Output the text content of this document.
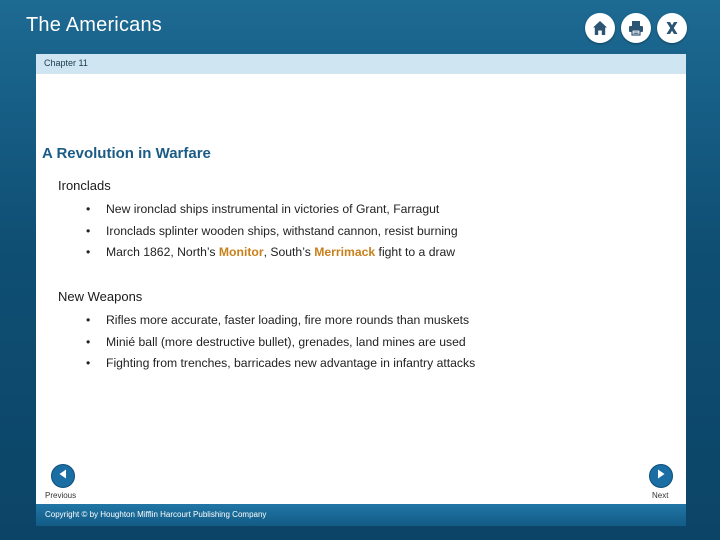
The Americans
Chapter 11
A Revolution in Warfare
Ironclads
• New ironclad ships instrumental in victories of Grant, Farragut
• Ironclads splinter wooden ships, withstand cannon, resist burning
• March 1862, North’s Monitor, South’s Merrimack fight to a draw
New Weapons
• Rifles more accurate, faster loading, fire more rounds than muskets
• Minié ball (more destructive bullet), grenades, land mines are used
• Fighting from trenches, barricades new advantage in infantry attacks
Previous	Next
Copyright © by Houghton Mifflin Harcourt Publishing Company
